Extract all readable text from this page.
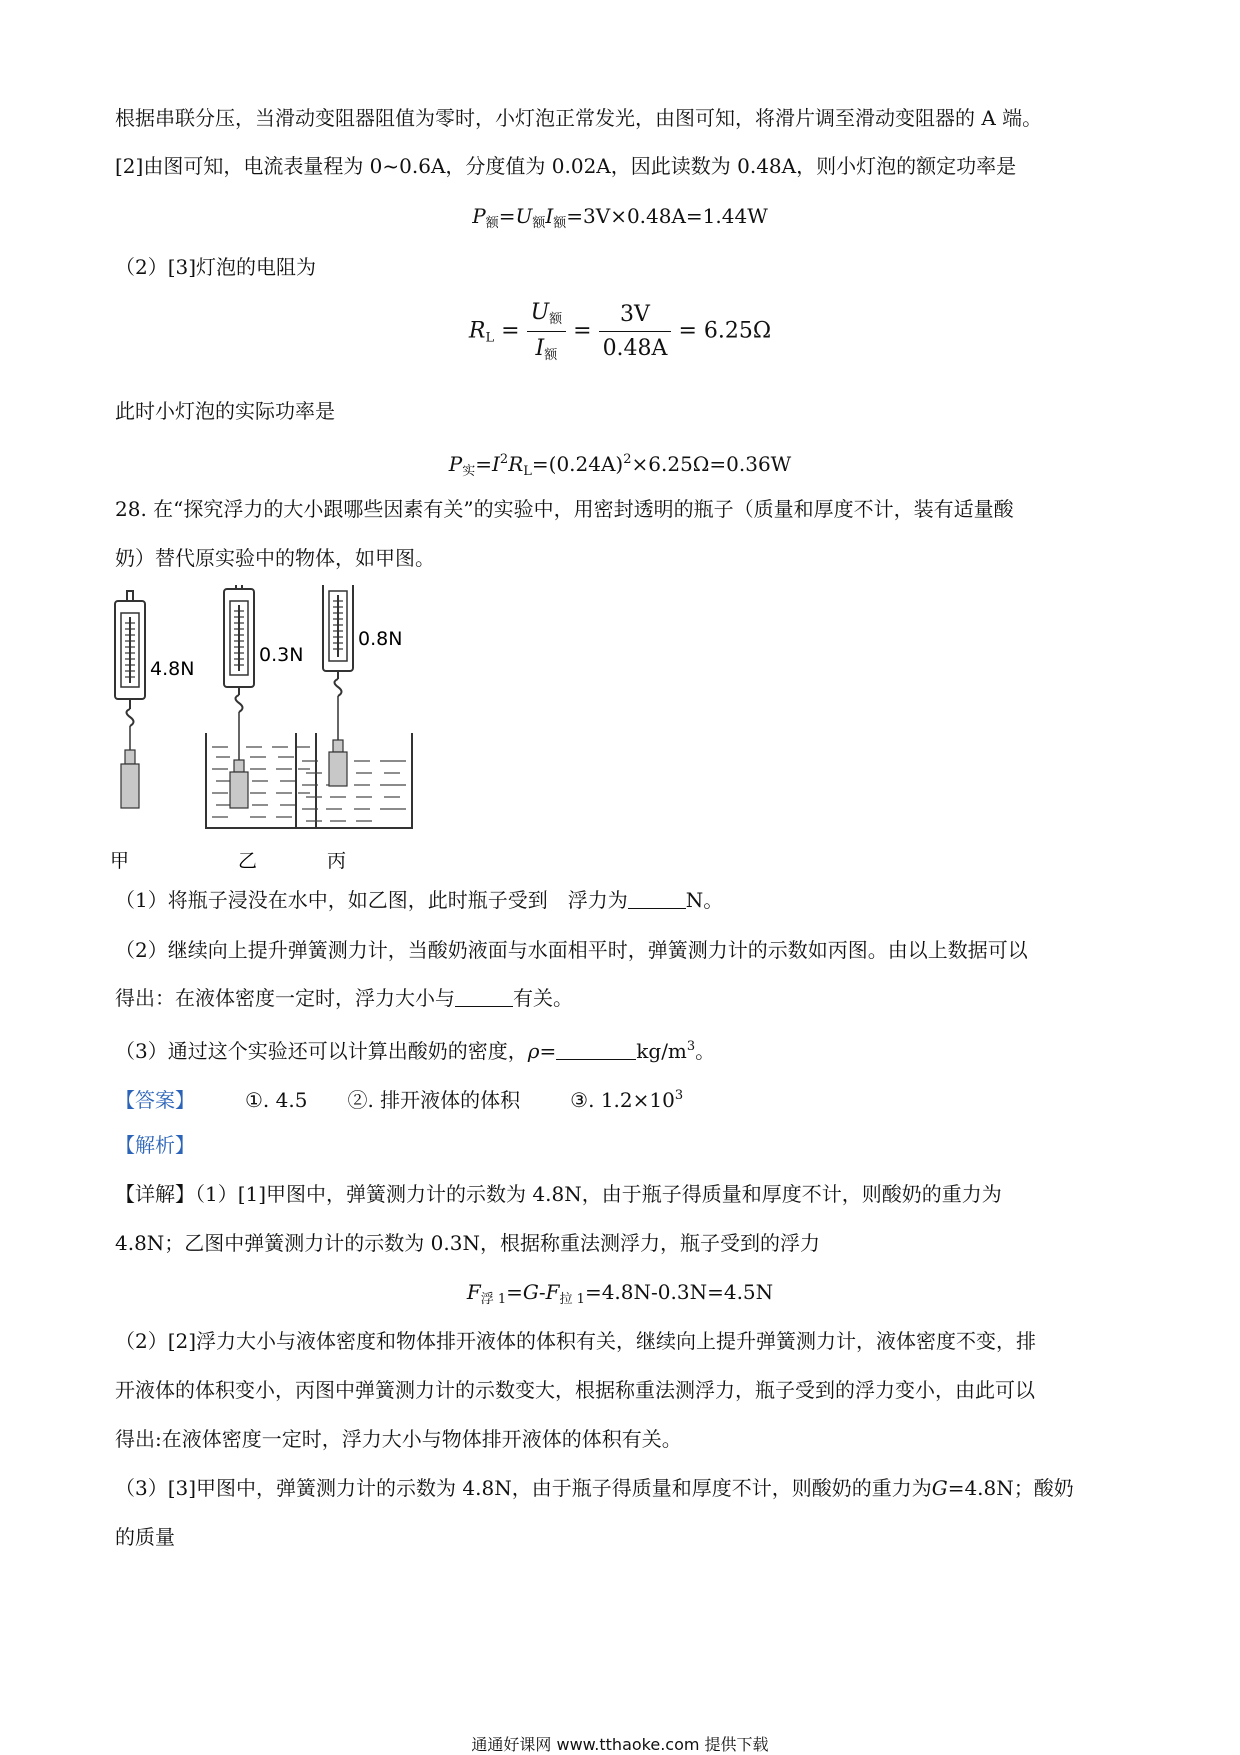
根据串联分压，当滑动变阻器阻值为零时，小灯泡正常发光，由图可知，将滑片调至滑动变阻器的 A 端。
[2]由图可知，电流表量程为 0~0.6A，分度值为 0.02A，因此读数为 0.48A，则小灯泡的额定功率是
$P_额=U_额I_额=3V\times 0.48A=1.44W$
（2）[3]灯泡的电阻为
$R_L = \frac{U_额}{I_额} = \frac{3V}{0.48A} = 6.25\Omega$
此时小灯泡的实际功率是
$P_实=I^2R_L=(0.24A)^2\times 6.25\Omega=0.36W$
28. 在“探究浮力的大小跟哪些因素有关”的实验中，用密封透明的瓶子（质量和厚度不计，装有适量酸
奶）替代原实验中的物体，如甲图。
4.8N
0.3N
0.8N
甲	乙	丙
（1）将瓶子浸没在水中，如乙图，此时瓶子受到　浮力为	N。
（2）继续向上提升弹簧测力计，当酸奶液面与水面相平时，弹簧测力计的示数如丙图。由以上数据可以
得出：在液体密度一定时，浮力大小与	有关。
（3）通过这个实验还可以计算出酸奶的密度，ρ=	$kg/m^3$。
【答案】	①. 4.5 ②. 排开液体的体积	③. $1.2\times 10^3$
【解析】
【详解】（1）[1]甲图中，弹簧测力计的示数为 4.8N，由于瓶子得质量和厚度不计，则酸奶的重力为
4.8N；乙图中弹簧测力计的示数为 0.3N，根据称重法测浮力，瓶子受到的浮力
$F_{浮 1}=G-F_{拉 1}=4.8N-0.3N=4.5N$
（2）[2]浮力大小与液体密度和物体排开液体的体积有关，继续向上提升弹簧测力计，液体密度不变，排
开液体的体积变小，丙图中弹簧测力计的示数变大，根据称重法测浮力，瓶子受到的浮力变小，由此可以
得出:在液体密度一定时，浮力大小与物体排开液体的体积有关。
（3）[3]甲图中，弹簧测力计的示数为 4.8N，由于瓶子得质量和厚度不计，则酸奶的重力为G=4.8N；酸奶
的质量
通通好课网 www.tthaoke.com 提供下载
